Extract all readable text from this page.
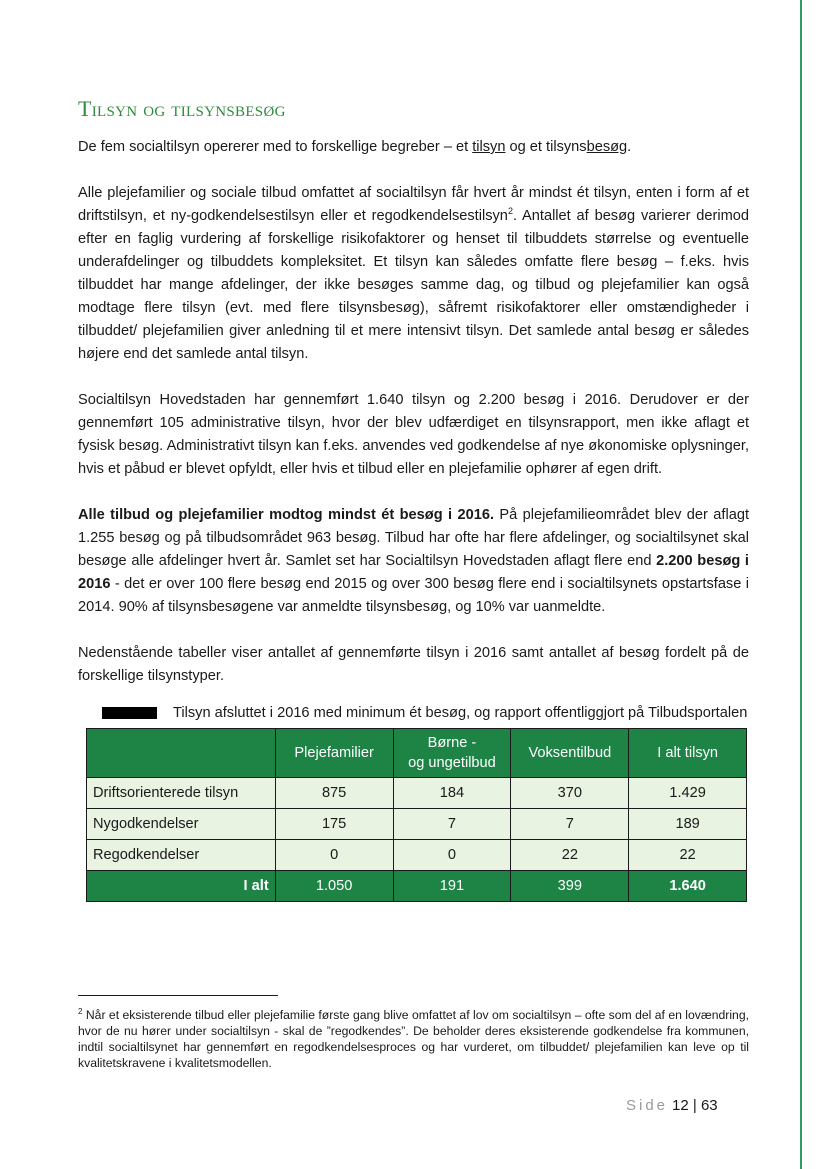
Tilsyn og tilsynsbesøg

De fem socialtilsyn opererer med to forskellige begreber – et tilsyn og et tilsynsbesøg.

Alle plejefamilier og sociale tilbud omfattet af socialtilsyn får hvert år mindst ét tilsyn, enten i form af et driftstilsyn, et ny-godkendelsestilsyn eller et regodkendelsestilsyn$^2$. Antallet af besøg varierer derimod efter en faglig vurdering af forskellige risikofaktorer og henset til tilbuddets størrelse og eventuelle underafdelinger og tilbuddets kompleksitet. Et tilsyn kan således omfatte flere besøg – f.eks. hvis tilbuddet har mange afdelinger, der ikke besøges samme dag, og tilbud og plejefamilier kan også modtage flere tilsyn (evt. med flere tilsynsbesøg), såfremt risikofaktorer eller omstændigheder i tilbuddet/ plejefamilien giver anledning til et mere intensivt tilsyn. Det samlede antal besøg er således højere end det samlede antal tilsyn.

Socialtilsyn Hovedstaden har gennemført 1.640 tilsyn og 2.200 besøg i 2016. Derudover er der gennemført 105 administrative tilsyn, hvor der blev udfærdiget en tilsynsrapport, men ikke aflagt et fysisk besøg. Administrativt tilsyn kan f.eks. anvendes ved godkendelse af nye økonomiske oplysninger, hvis et påbud er blevet opfyldt, eller hvis et tilbud eller en plejefamilie ophører af egen drift.

Alle tilbud og plejefamilier modtog mindst ét besøg i 2016. På plejefamilieområdet blev der aflagt 1.255 besøg og på tilbudsområdet 963 besøg. Tilbud har ofte har flere afdelinger, og socialtilsynet skal besøge alle afdelinger hvert år. Samlet set har Socialtilsyn Hovedstaden aflagt flere end 2.200 besøg i 2016 - det er over 100 flere besøg end 2015 og over 300 besøg flere end i socialtilsynets opstartsfase i 2014. 90% af tilsynsbesøgene var anmeldte tilsynsbesøg, og 10% var uanmeldte.

Nedenstående tabeller viser antallet af gennemførte tilsyn i 2016 samt antallet af besøg fordelt på de forskellige tilsynstyper.

Tilsyn afsluttet i 2016 med minimum ét besøg, og rapport offentliggjort på Tilbudsportalen

	Plejefamilier	Børne -
og ungetilbud	Voksentilbud	I alt tilsyn
Driftsorienterede tilsyn	875	184	370	1.429
Nygodkendelser	175	7	7	189
Regodkendelser	0	0	22	22
I alt	1.050	191	399	1.640

$^2$ Når et eksisterende tilbud eller plejefamilie første gang blive omfattet af lov om socialtilsyn – ofte som del af en lovændring, hvor de nu hører under socialtilsyn - skal de ”regodkendes”. De beholder deres eksisterende godkendelse fra kommunen, indtil socialtilsynet har gennemført en regodkendelsesproces og har vurderet, om tilbuddet/ plejefamilien kan leve op til kvalitetskravene i kvalitetsmodellen.

Side 12 | 63
